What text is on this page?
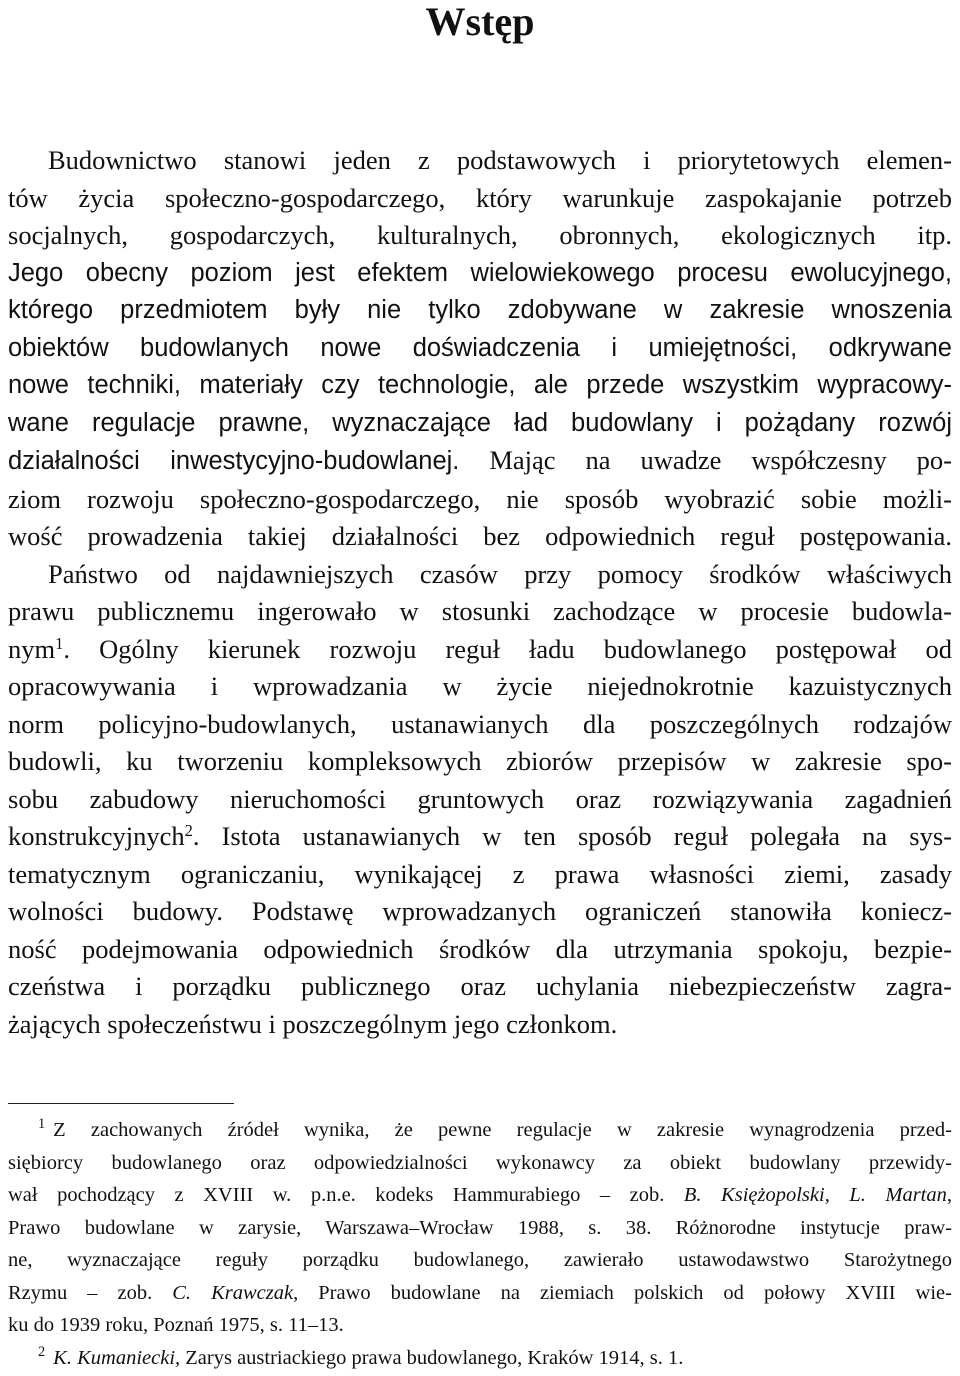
Wstęp
Budownictwo stanowi jeden z podstawowych i priorytetowych elemen-
tów życia społeczno-gospodarczego, który warunkuje zaspokajanie potrzeb
socjalnych, gospodarczych, kulturalnych, obronnych, ekologicznych itp.
Jego obecny poziom jest efektem wielowiekowego procesu ewolucyjnego,
którego przedmiotem były nie tylko zdobywane w zakresie wnoszenia
obiektów budowlanych nowe doświadczenia i umiejętności, odkrywane
nowe techniki, materiały czy technologie, ale przede wszystkim wypracowy-
wane regulacje prawne, wyznaczające ład budowlany i pożądany rozwój
działalności inwestycyjno-budowlanej. Mając na uwadze współczesny po-
ziom rozwoju społeczno-gospodarczego, nie sposób wyobrazić sobie możli-
wość prowadzenia takiej działalności bez odpowiednich reguł postępowania.
Państwo od najdawniejszych czasów przy pomocy środków właściwych
prawu publicznemu ingerowało w stosunki zachodzące w procesie budowla-
nym$^1$. Ogólny kierunek rozwoju reguł ładu budowlanego postępował od
opracowywania i wprowadzania w życie niejednokrotnie kazuistycznych
norm policyjno-budowlanych, ustanawianych dla poszczególnych rodzajów
budowli, ku tworzeniu kompleksowych zbiorów przepisów w zakresie spo-
sobu zabudowy nieruchomości gruntowych oraz rozwiązywania zagadnień
konstrukcyjnych$^2$. Istota ustanawianych w ten sposób reguł polegała na sys-
tematycznym ograniczaniu, wynikającej z prawa własności ziemi, zasady
wolności budowy. Podstawę wprowadzanych ograniczeń stanowiła koniecz-
ność podejmowania odpowiednich środków dla utrzymania spokoju, bezpie-
czeństwa i porządku publicznego oraz uchylania niebezpieczeństw zagra-
żających społeczeństwu i poszczególnym jego członkom.
$^1$ Z zachowanych źródeł wynika, że pewne regulacje w zakresie wynagrodzenia przed-
siębiorcy budowlanego oraz odpowiedzialności wykonawcy za obiekt budowlany przewidy-
wał pochodzący z XVIII w. p.n.e. kodeks Hammurabiego – zob. B. Księżopolski, L. Martan,
Prawo budowlane w zarysie, Warszawa–Wrocław 1988, s. 38. Różnorodne instytucje praw-
ne, wyznaczające reguły porządku budowlanego, zawierało ustawodawstwo Starożytnego
Rzymu – zob. C. Krawczak, Prawo budowlane na ziemiach polskich od połowy XVIII wie-
ku do 1939 roku, Poznań 1975, s. 11–13.
$^2$ K. Kumaniecki, Zarys austriackiego prawa budowlanego, Kraków 1914, s. 1.
